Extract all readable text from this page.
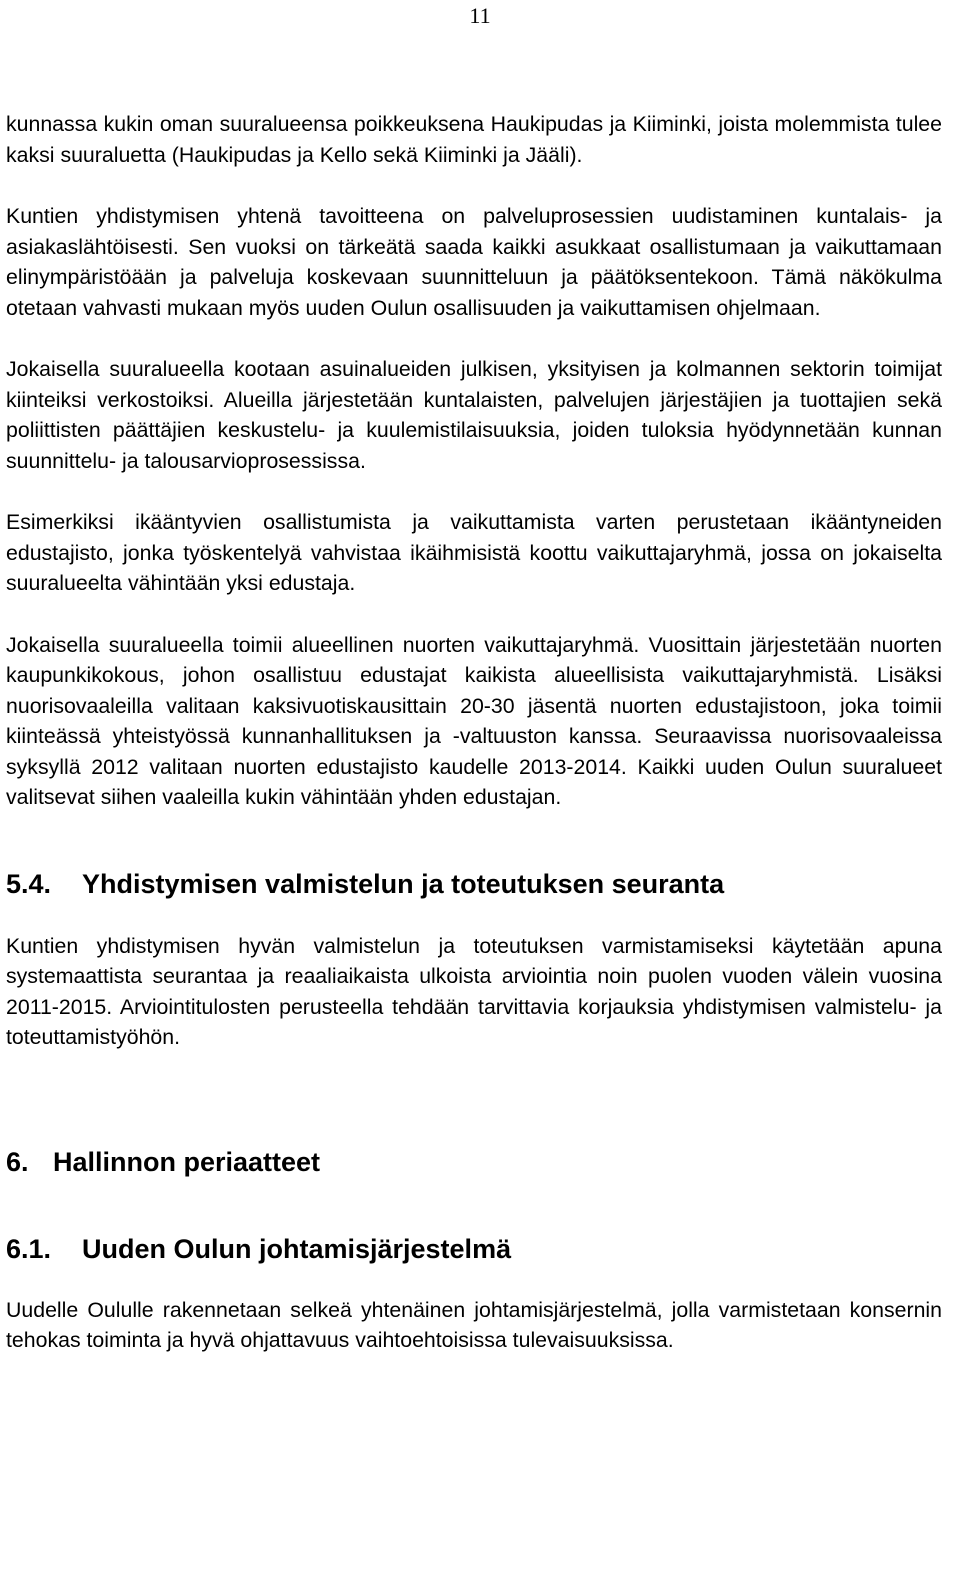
11

kunnassa kukin oman suuralueensa poikkeuksena Haukipudas ja Kiiminki, joista molemmista tulee kaksi suuraluetta (Haukipudas ja Kello sekä Kiiminki ja Jääli).

Kuntien yhdistymisen yhtenä tavoitteena on palveluprosessien uudistaminen kuntalais- ja asiakaslähtöisesti. Sen vuoksi on tärkeätä saada kaikki asukkaat osallistumaan ja vaikuttamaan elinympäristöään ja palveluja koskevaan suunnitteluun ja päätöksentekoon. Tämä näkökulma otetaan vahvasti mukaan myös uuden Oulun osallisuuden ja vaikuttamisen ohjelmaan.

Jokaisella suuralueella kootaan asuinalueiden julkisen, yksityisen ja kolmannen sektorin toimijat kiinteiksi verkostoiksi. Alueilla järjestetään kuntalaisten, palvelujen järjestäjien ja tuottajien sekä poliittisten päättäjien keskustelu- ja kuulemistilaisuuksia, joiden tuloksia hyödynnetään kunnan suunnittelu- ja talousarvioprosessissa.

Esimerkiksi ikääntyvien osallistumista ja vaikuttamista varten perustetaan ikääntyneiden edustajisto, jonka työskentelyä vahvistaa ikäihmisistä koottu vaikuttajaryhmä, jossa on jokaiselta suuralueelta vähintään yksi edustaja.

Jokaisella suuralueella toimii alueellinen nuorten vaikuttajaryhmä. Vuosittain järjestetään nuorten kaupunkikokous, johon osallistuu edustajat kaikista alueellisista vaikuttajaryhmistä. Lisäksi nuorisovaaleilla valitaan kaksivuotiskausittain 20-30 jäsentä nuorten edustajistoon, joka toimii kiinteässä yhteistyössä kunnanhallituksen ja -valtuuston kanssa. Seuraavissa nuorisovaaleissa syksyllä 2012 valitaan nuorten edustajisto kaudelle 2013-2014. Kaikki uuden Oulun suuralueet valitsevat siihen vaaleilla kukin vähintään yhden edustajan.

5.4. Yhdistymisen valmistelun ja toteutuksen seuranta

Kuntien yhdistymisen hyvän valmistelun ja toteutuksen varmistamiseksi käytetään apuna systemaattista seurantaa ja reaaliaikaista ulkoista arviointia noin puolen vuoden välein vuosina 2011-2015. Arviointitulosten perusteella tehdään tarvittavia korjauksia yhdistymisen valmistelu- ja toteuttamistyöhön.

6. Hallinnon periaatteet
6.1. Uuden Oulun johtamisjärjestelmä

Uudelle Oululle rakennetaan selkeä yhtenäinen johtamisjärjestelmä, jolla varmistetaan konsernin tehokas toiminta ja hyvä ohjattavuus vaihtoehtoisissa tulevaisuuksissa.
